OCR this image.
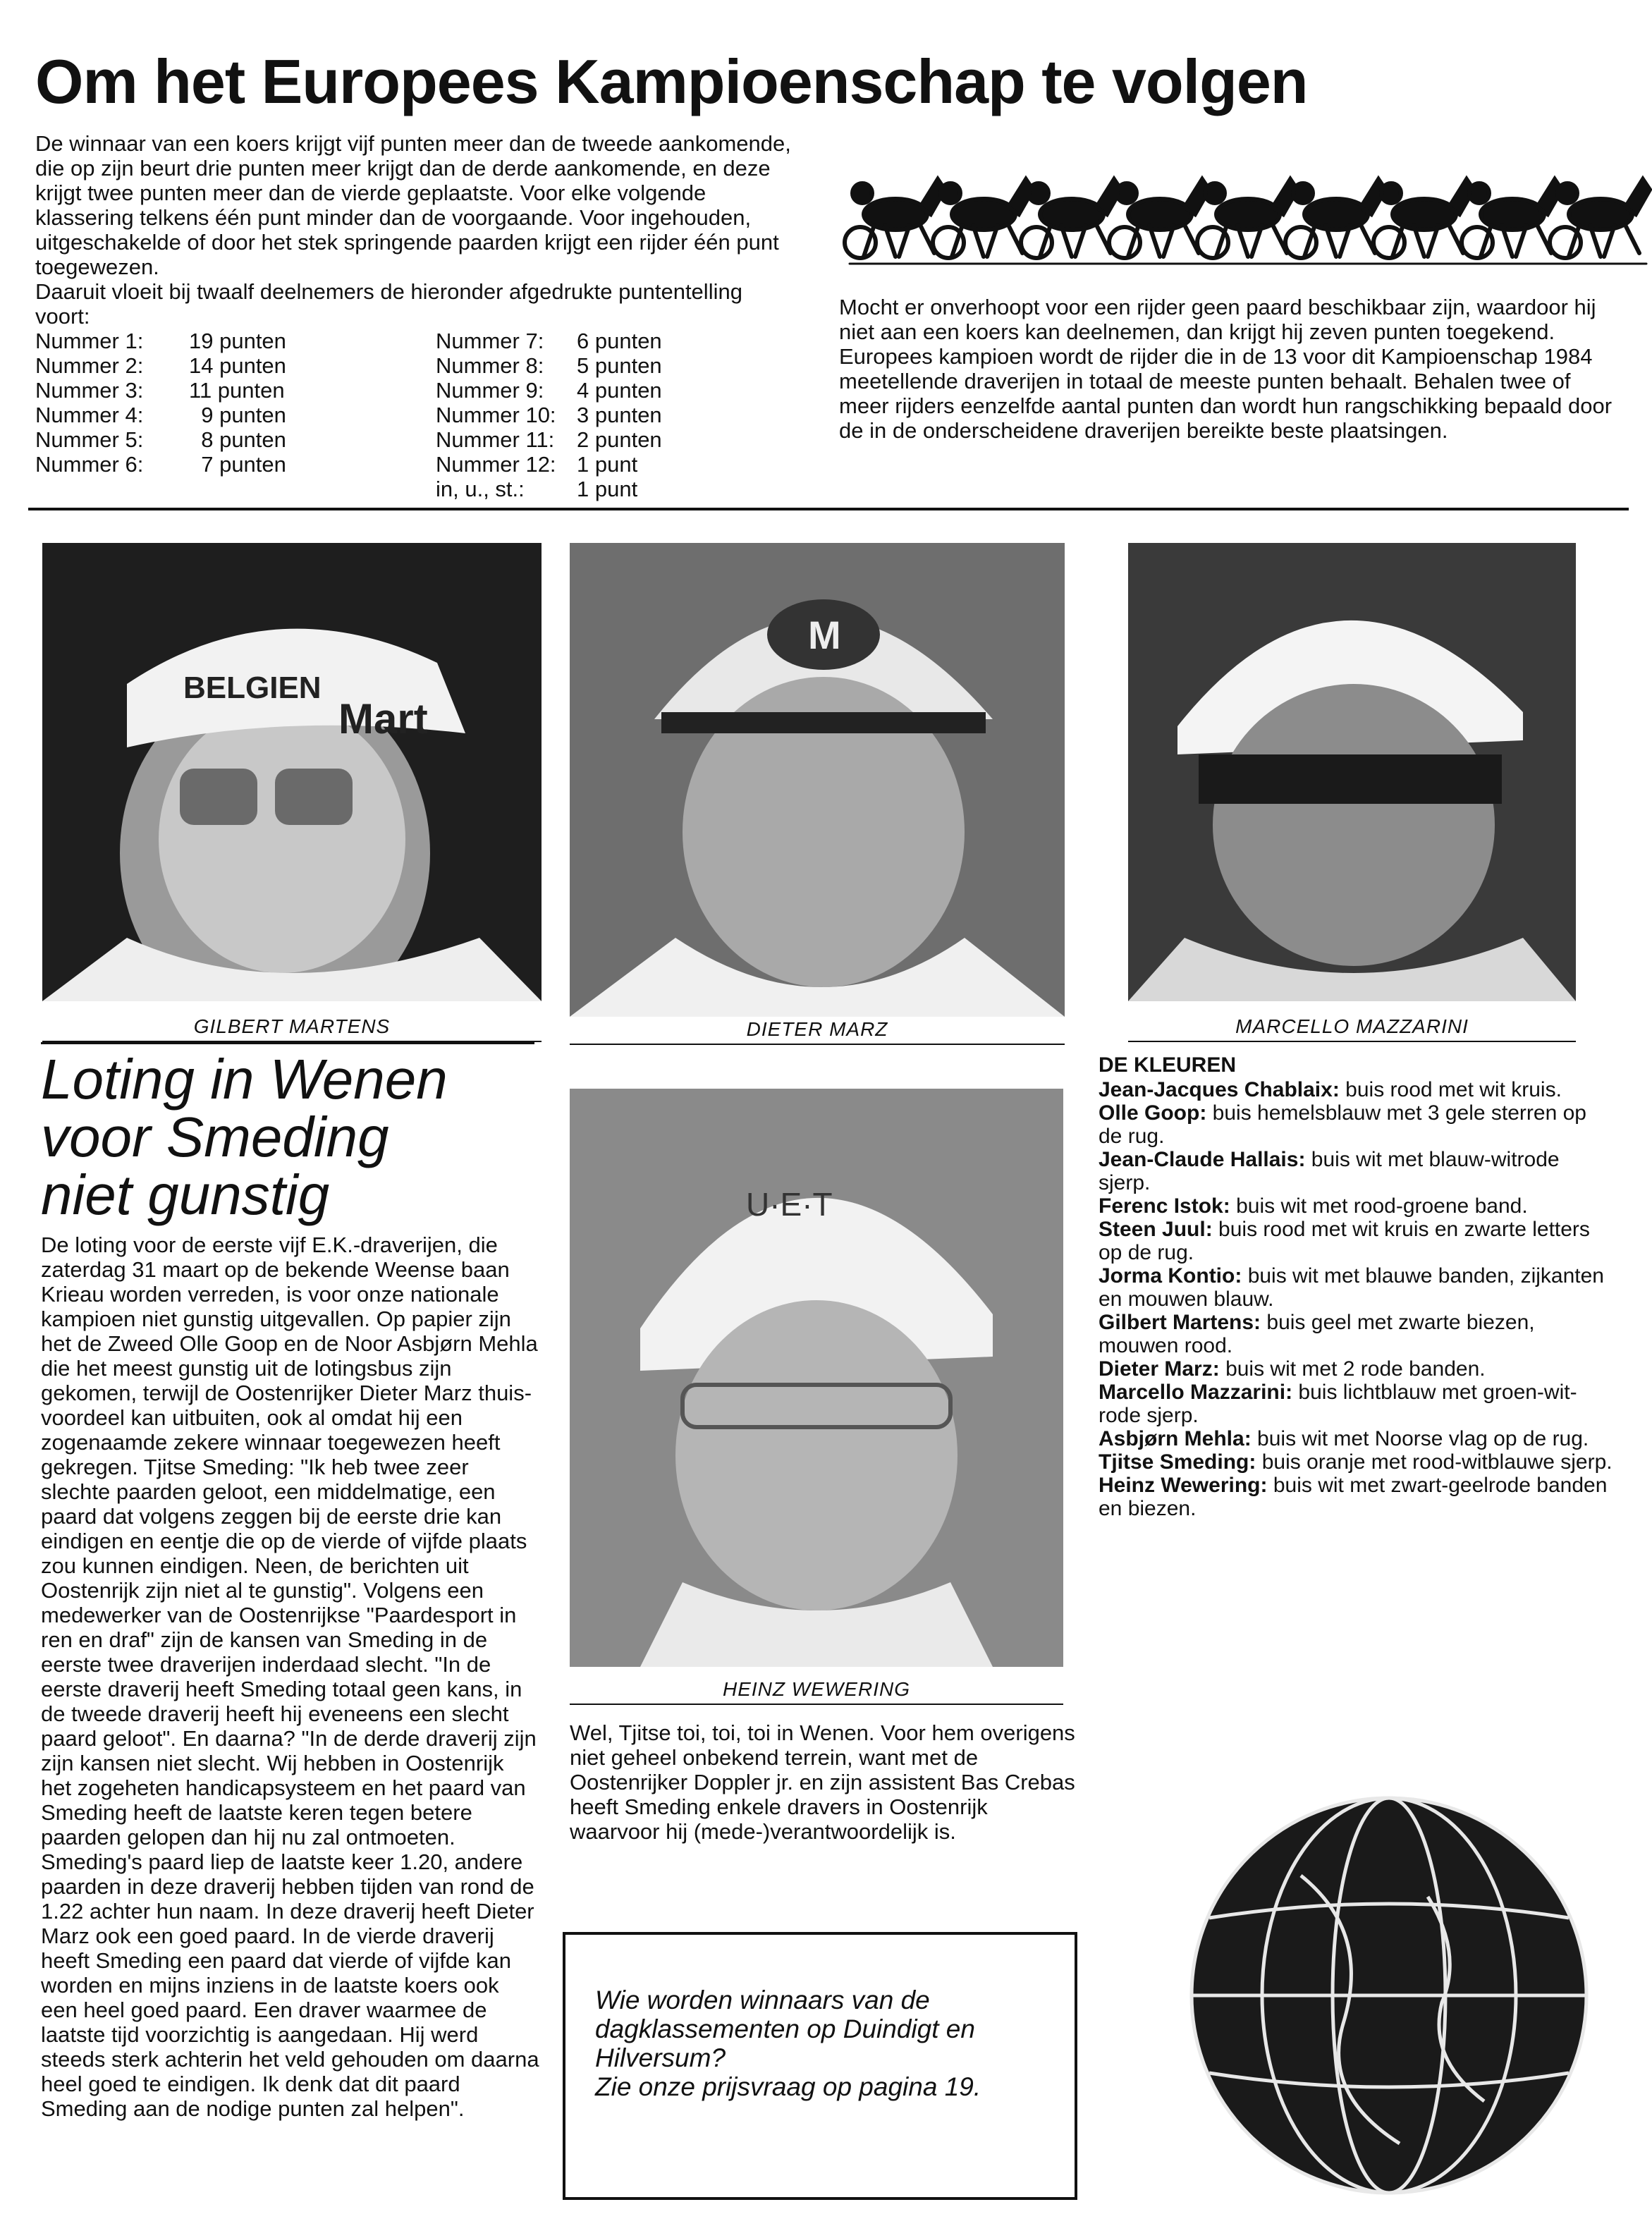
Om het Europees Kampioenschap te volgen

De winnaar van een koers krijgt vijf punten meer dan de tweede aankomende, die op zijn beurt drie punten meer krijgt dan de derde aankomende, en deze krijgt twee punten meer dan de vierde geplaatste. Voor elke volgende klassering telkens één punt minder dan de voorgaande. Voor ingehouden, uitgeschakelde of door het stek springende paarden krijgt een rijder één punt toegewezen.

Daaruit vloeit bij twaalf deelnemers de hieronder afgedrukte puntentelling voort:

Nummer 1:	19 punten
Nummer 2:	14 punten
Nummer 3:	11 punten
Nummer 4:	9 punten
Nummer 5:	8 punten
Nummer 6:	7 punten
Nummer 7:	6 punten
Nummer 8:	5 punten
Nummer 9:	4 punten
Nummer 10: 3 punten
Nummer 11:	2 punten
Nummer 12: 1 punt
in, u., st.:	1 punt

Mocht er onverhoopt voor een rijder geen paard beschikbaar zijn, waardoor hij niet aan een koers kan deelnemen, dan krijgt hij zeven punten toegekend.

Europees kampioen wordt de rijder die in de 13 voor dit Kampioenschap 1984 meetellende draverijen in totaal de meeste punten behaalt. Behalen twee of meer rijders eenzelfde aantal punten dan wordt hun rangschikking bepaald door de in de onderscheidene draverijen bereikte beste plaatsingen.

BELGIEN
Mart
GILBERT MARTENS
M
DIETER MARZ	MARCELLO MAZZARINI
U·E·T
HEINZ WEWERING
Loting in Wenen
voor Smeding
niet gunstig

De loting voor de eerste vijf E.K.-draverijen, die zaterdag 31 maart op de bekende Weense baan Krieau worden verreden, is voor onze nationale kampioen niet gunstig uitgevallen. Op papier zijn het de Zweed Olle Goop en de Noor Asbjørn Mehla die het meest gunstig uit de lotingsbus zijn gekomen, terwijl de Oostenrijker Dieter Marz thuis-voordeel kan uitbuiten, ook al omdat hij een zogenaamde zekere winnaar toegewezen heeft gekregen. Tjitse Smeding: "Ik heb twee zeer slechte paarden geloot, een middelmatige, een paard dat volgens zeggen bij de eerste drie kan eindigen en eentje die op de vierde of vijfde plaats zou kunnen eindigen. Neen, de berichten uit Oostenrijk zijn niet al te gunstig". Volgens een medewerker van de Oostenrijkse "Paardesport in ren en draf" zijn de kansen van Smeding in de eerste twee draverijen inderdaad slecht. "In de eerste draverij heeft Smeding totaal geen kans, in de tweede draverij heeft hij eveneens een slecht paard geloot". En daarna? "In de derde draverij zijn zijn kansen niet slecht. Wij hebben in Oostenrijk het zogeheten handicapsysteem en het paard van Smeding heeft de laatste keren tegen betere paarden gelopen dan hij nu zal ontmoeten. Smeding's paard liep de laatste keer 1.20, andere paarden in deze draverij hebben tijden van rond de 1.22 achter hun naam. In deze draverij heeft Dieter Marz ook een goed paard. In de vierde draverij heeft Smeding een paard dat vierde of vijfde kan worden en mijns inziens in de laatste koers ook een heel goed paard. Een draver waarmee de laatste tijd voorzichtig is aangedaan. Hij werd steeds sterk achterin het veld gehouden om daarna heel goed te eindigen. Ik denk dat dit paard Smeding aan de nodige punten zal helpen".

Wel, Tjitse toi, toi, toi in Wenen. Voor hem overigens niet geheel onbekend terrein, want met de Oostenrijker Doppler jr. en zijn assistent Bas Crebas heeft Smeding enkele dravers in Oostenrijk waarvoor hij (mede-)verantwoordelijk is.

DE KLEUREN
Jean-Jacques Chablaix: buis rood met wit kruis.
Olle Goop: buis hemelsblauw met 3 gele sterren op de rug.
Jean-Claude Hallais: buis wit met blauw-witrode sjerp.
Ferenc Istok: buis wit met rood-groene band.
Steen Juul: buis rood met wit kruis en zwarte letters op de rug.
Jorma Kontio: buis wit met blauwe banden, zijkanten en mouwen blauw.
Gilbert Martens: buis geel met zwarte biezen, mouwen rood.
Dieter Marz: buis wit met 2 rode banden.
Marcello Mazzarini: buis lichtblauw met groen-wit-rode sjerp.
Asbjørn Mehla: buis wit met Noorse vlag op de rug.
Tjitse Smeding: buis oranje met rood-witblauwe sjerp.
Heinz Wewering: buis wit met zwart-geelrode banden en biezen.
Wie worden winnaars van de dagklassementen op Duindigt en Hilversum?
Zie onze prijsvraag op pagina 19.
